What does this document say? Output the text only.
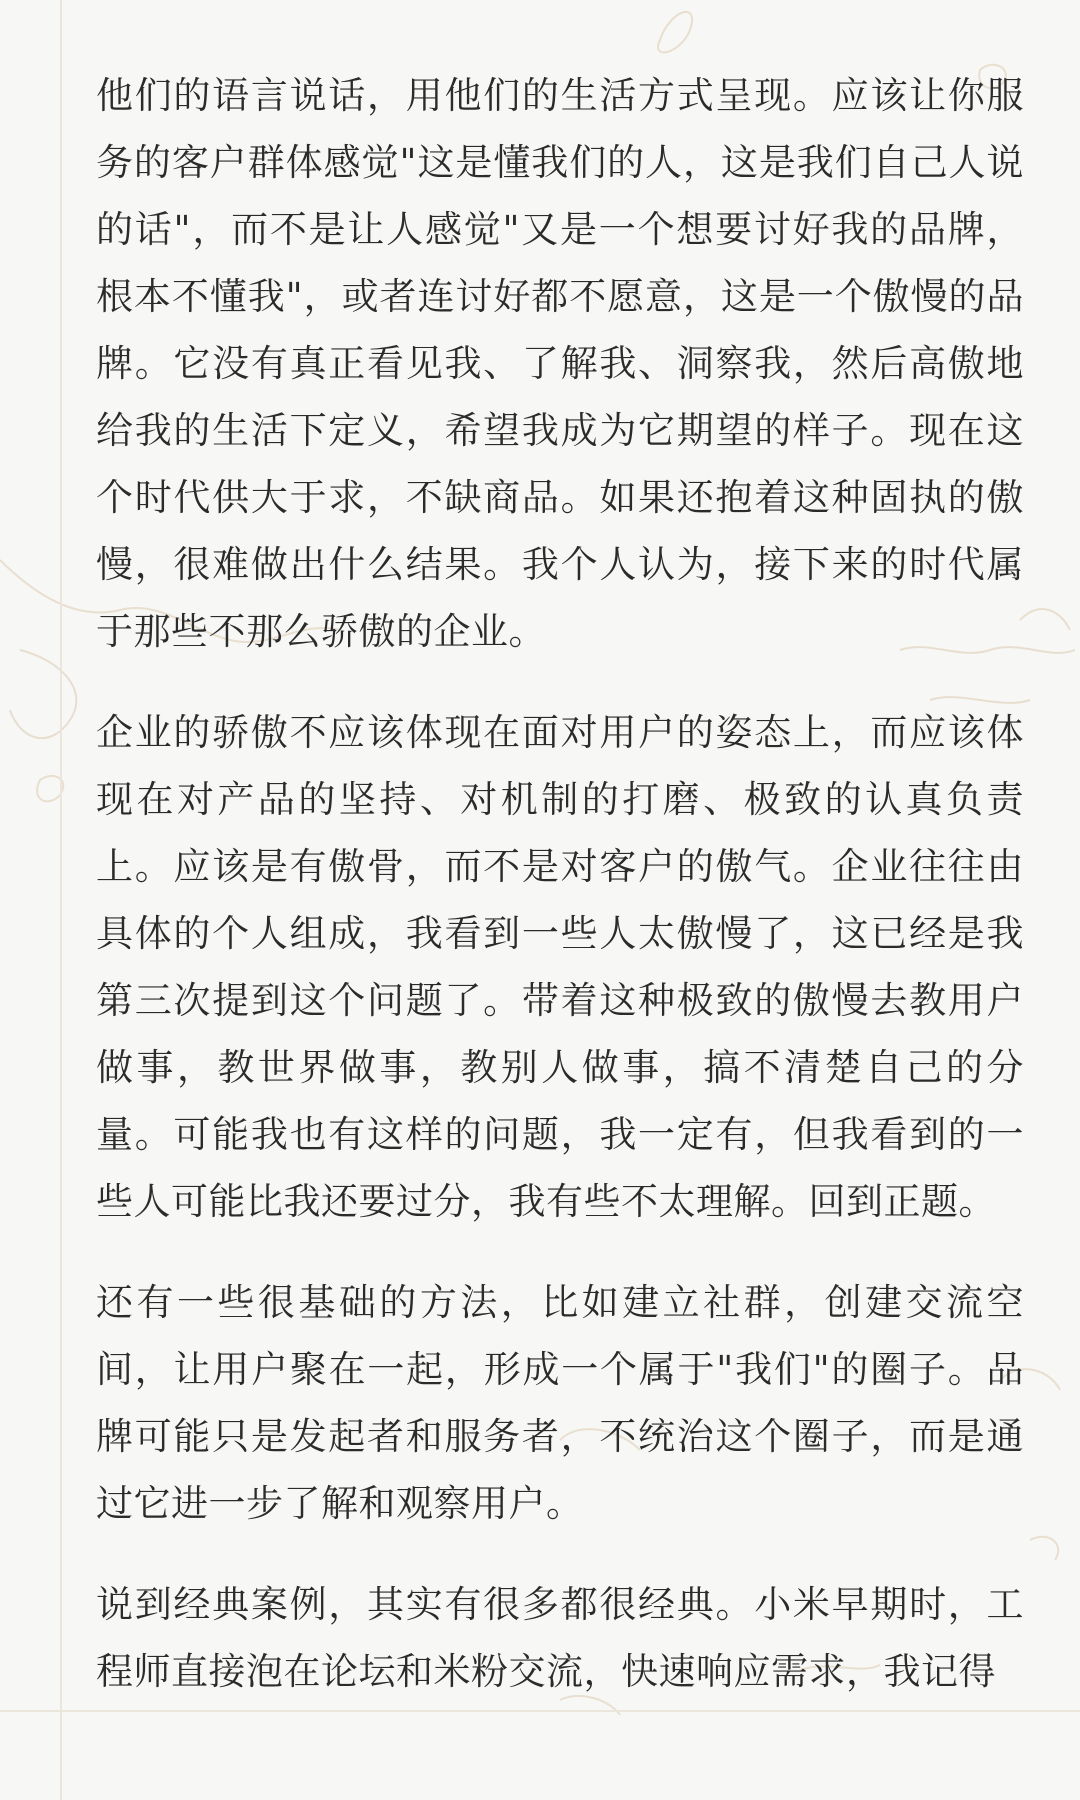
他们的语言说话，用他们的生活方式呈现。应该让你服务的客户群体感觉"这是懂我们的人，这是我们自己人说的话"，而不是让人感觉"又是一个想要讨好我的品牌，根本不懂我"，或者连讨好都不愿意，这是一个傲慢的品牌。它没有真正看见我、了解我、洞察我，然后高傲地给我的生活下定义，希望我成为它期望的样子。现在这个时代供大于求，不缺商品。如果还抱着这种固执的傲慢，很难做出什么结果。我个人认为，接下来的时代属于那些不那么骄傲的企业。

企业的骄傲不应该体现在面对用户的姿态上，而应该体现在对产品的坚持、对机制的打磨、极致的认真负责上。应该是有傲骨，而不是对客户的傲气。企业往往由具体的个人组成，我看到一些人太傲慢了，这已经是我第三次提到这个问题了。带着这种极致的傲慢去教用户做事，教世界做事，教别人做事，搞不清楚自己的分量。可能我也有这样的问题，我一定有，但我看到的一些人可能比我还要过分，我有些不太理解。回到正题。

还有一些很基础的方法，比如建立社群，创建交流空间，让用户聚在一起，形成一个属于"我们"的圈子。品牌可能只是发起者和服务者，不统治这个圈子，而是通过它进一步了解和观察用户。

说到经典案例，其实有很多都很经典。小米早期时，工程师直接泡在论坛和米粉交流，快速响应需求，我记得
